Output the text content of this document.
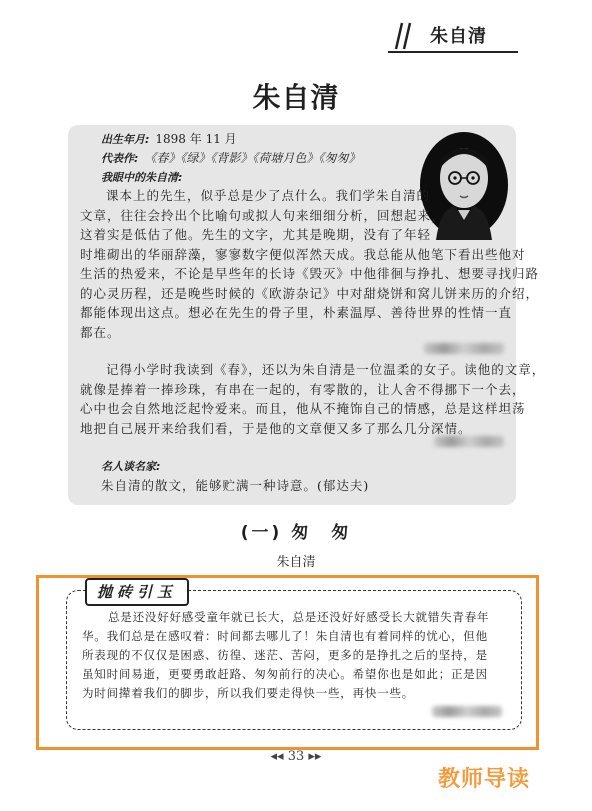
朱自清
朱自清

出生年月: 1898 年 11 月

代表作: 《春》《绿》《背影》《荷塘月色》《匆匆》

我眼中的朱自清:

课本上的先生，似乎总是少了点什么。我们学朱自清的
文章，往往会拎出个比喻句或拟人句来细细分析，回想起来，
这着实是低估了他。先生的文字，尤其是晚期，没有了年轻
时堆砌出的华丽辞藻，寥寥数字便似浑然天成。我总能从他笔下看出些他对
生活的热爱来，不论是早些年的长诗《毁灭》中他徘徊与挣扎、想要寻找归路
的心灵历程，还是晚些时候的《欧游杂记》中对甜烧饼和窝儿饼来历的介绍，
都能体现出这点。想必在先生的骨子里，朴素温厚、善待世界的性情一直
都在。
记得小学时我读到《春》，还以为朱自清是一位温柔的女子。读他的文章，
就像是捧着一捧珍珠，有串在一起的，有零散的，让人舍不得挪下一个去，
心中也会自然地泛起怜爱来。而且，他从不掩饰自己的情感，总是这样坦荡
地把自己展开来给我们看，于是他的文章便又多了那么几分深情。
名人谈名家:
朱自清的散文，能够贮满一种诗意。(郁达夫)
(一) 匆　匆
朱自清
抛砖引玉
总是还没好好感受童年就已长大，总是还没好好感受长大就错失青春年
华。我们总是在感叹着：时间都去哪儿了！朱自清也有着同样的忧心，但他
所表现的不仅仅是困惑、彷徨、迷茫、苦闷，更多的是挣扎之后的坚持，是
虽知时间易逝，更要勇敢赶路、匆匆前行的决心。希望你也是如此；正是因
为时间撵着我们的脚步，所以我们要走得快一些，再快一些。
◂◂ 33 ▸▸
教师导读
